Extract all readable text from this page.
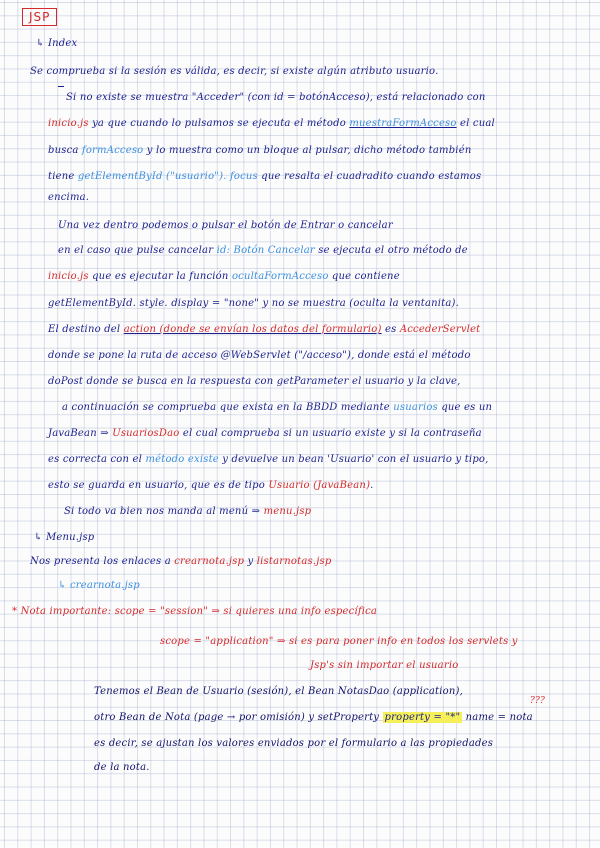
JSP
↳ Index
Se comprueba si la sesión es válida, es decir, si existe algún atributo usuario.
Si no existe se muestra "Acceder" (con id = botónAcceso), está relacionado con
inicio.js ya que cuando lo pulsamos se ejecuta el método muestraFormAcceso el cual
busca formAcceso y lo muestra como un bloque al pulsar, dicho método también
tiene getElementById ("usuario"). focus que resalta el cuadradito cuando estamos
encima.
Una vez dentro podemos o pulsar el botón de Entrar o cancelar
en el caso que pulse cancelar id: Botón Cancelar se ejecuta el otro método de
inicio.js que es ejecutar la función ocultaFormAcceso que contiene
getElementById. style. display = "none" y no se muestra (oculta la ventanita).
El destino del action (donde se envían los datos del formulario) es AccederServlet
donde se pone la ruta de acceso @WebServlet ("/acceso"), donde está el método
doPost donde se busca en la respuesta con getParameter el usuario y la clave,
a continuación se comprueba que exista en la BBDD mediante usuarios que es un
JavaBean ⇒ UsuariosDao el cual comprueba si un usuario existe y si la contraseña
es correcta con el método existe y devuelve un bean 'Usuario' con el usuario y tipo,
esto se guarda en usuario, que es de tipo Usuario (JavaBean).
Si todo va bien nos manda al menú ⇒ menu.jsp
↳ Menu.jsp
Nos presenta los enlaces a crearnota.jsp y listarnotas.jsp
↳ crearnota.jsp
* Nota importante: scope = "session" ⇒ si quieres una info específica
scope = "application" ⇒ si es para poner info en todos los servlets y
Jsp's sin importar el usuario
Tenemos el Bean de Usuario (sesión), el Bean NotasDao (application),
???
otro Bean de Nota (page → por omisión) y setProperty property = "*" name = nota
es decir, se ajustan los valores enviados por el formulario a las propiedades
de la nota.
